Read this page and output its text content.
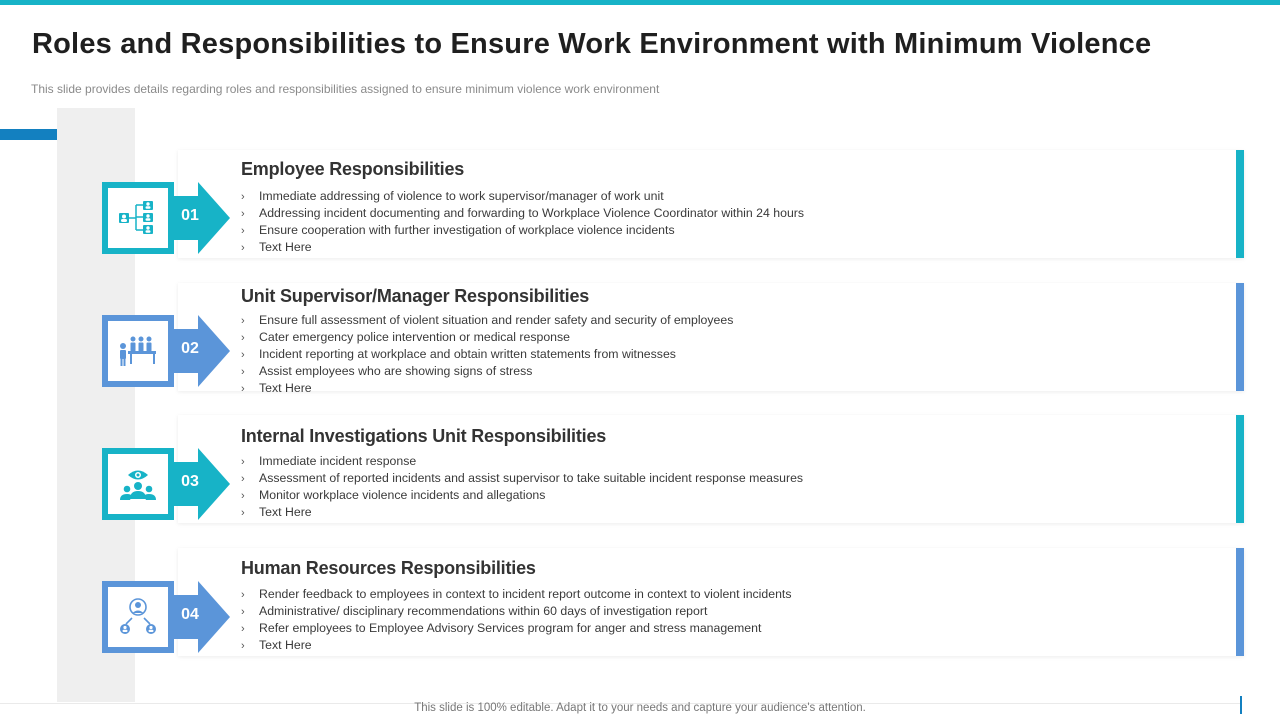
Roles and Responsibilities to Ensure Work Environment with Minimum Violence

This slide provides details regarding roles and responsibilities assigned to ensure minimum violence work environment

Employee Responsibilities
› Immediate addressing of violence to work supervisor/manager of work unit
› Addressing incident documenting and forwarding to Workplace Violence Coordinator within 24 hours
› Ensure cooperation with further investigation of workplace violence incidents
› Text Here
01
Unit Supervisor/Manager Responsibilities
› Ensure full assessment of violent situation and render safety and security of employees
› Cater emergency police intervention or medical response
› Incident reporting at workplace and obtain written statements from witnesses
› Assist employees who are showing signs of stress
› Text Here
02
Internal Investigations Unit Responsibilities
› Immediate incident response
› Assessment of reported incidents and assist supervisor to take suitable incident response measures
› Monitor workplace violence incidents and allegations
› Text Here
03
Human Resources Responsibilities
› Render feedback to employees in context to incident report outcome in context to violent incidents
› Administrative/ disciplinary recommendations within 60 days of investigation report
› Refer employees to Employee Advisory Services program for anger and stress management
› Text Here
04
This slide is 100% editable. Adapt it to your needs and capture your audience's attention.
